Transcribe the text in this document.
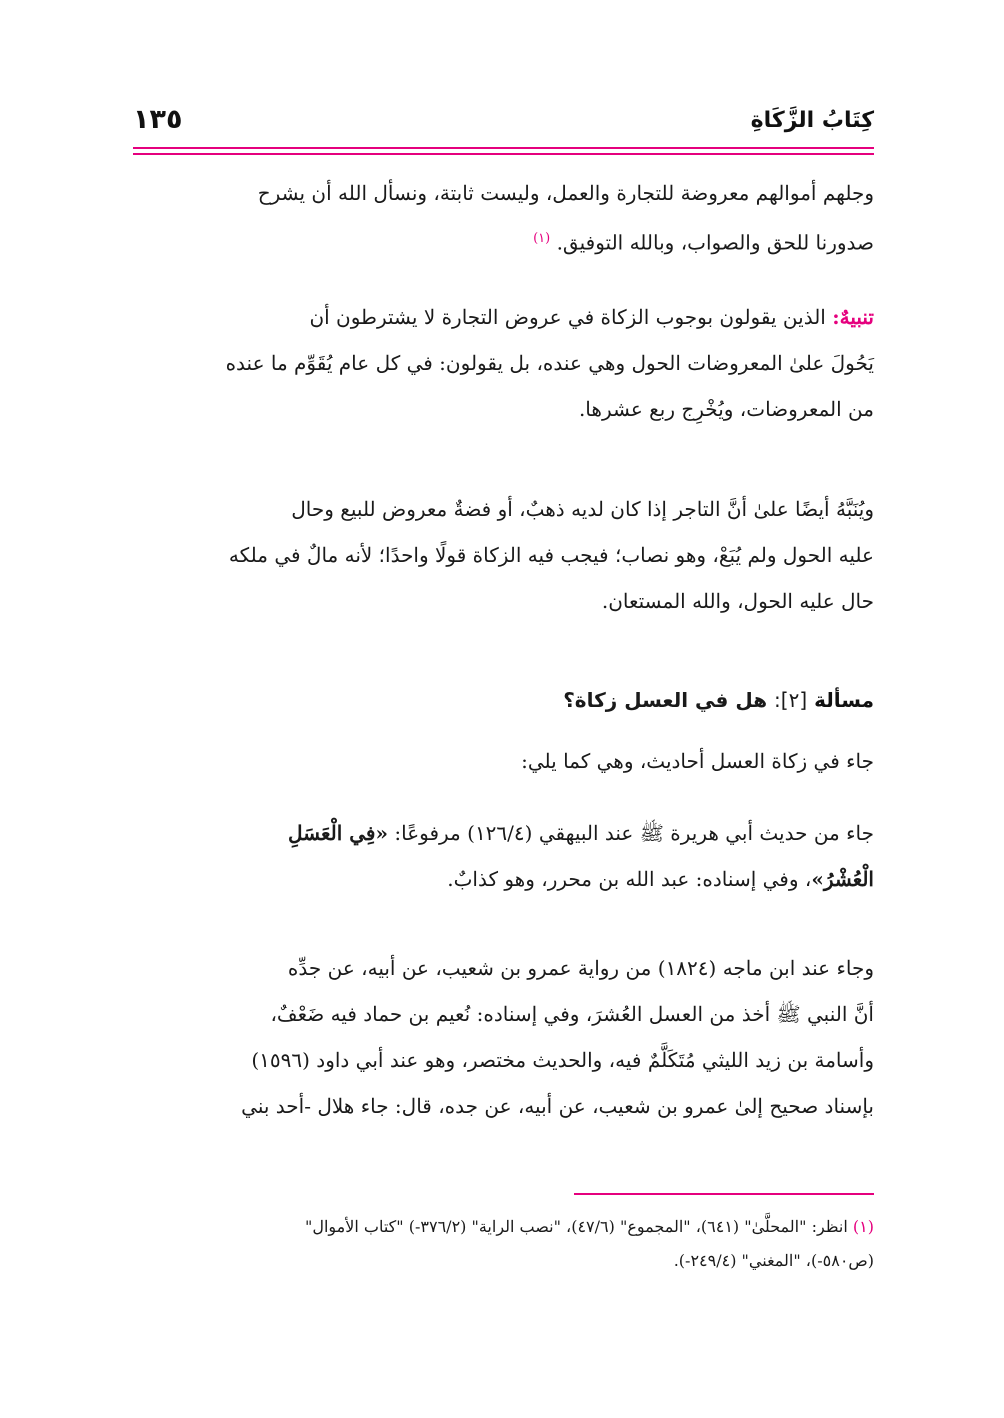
كِتَابُ الزَّكَاةِ
١٣٥
وجلهم أموالهم معروضة للتجارة والعمل، وليست ثابتة، ونسأل الله أن يشرح
صدورنا للحق والصواب، وبالله التوفيق. $^{(١)}$
تنبيهٌ: الذين يقولون بوجوب الزكاة في عروض التجارة لا يشترطون أن
يَحُولَ علىٰ المعروضات الحول وهي عنده، بل يقولون: في كل عام يُقَوِّم ما عنده
من المعروضات، ويُخْرِج ربع عشرها.
ويُنَبَّهُ أيضًا علىٰ أنَّ التاجر إذا كان لديه ذهبٌ، أو فضةٌ معروض للبيع وحال
عليه الحول ولم يُبَعْ، وهو نصاب؛ فيجب فيه الزكاة قولًا واحدًا؛ لأنه مالٌ في ملكه
حال عليه الحول، والله المستعان.
مسألة [٢]: هل في العسل زكاة؟
جاء في زكاة العسل أحاديث، وهي كما يلي:
جاء من حديث أبي هريرة ﷺ عند البيهقي (١٢٦/٤) مرفوعًا: «فِي الْعَسَلِ
الْعُشْرُ»، وفي إسناده: عبد الله بن محرر، وهو كذابٌ.
وجاء عند ابن ماجه (١٨٢٤) من رواية عمرو بن شعيب، عن أبيه، عن جدِّه
أنَّ النبي ﷺ أخذ من العسل العُشرَ، وفي إسناده: نُعيم بن حماد فيه ضَعْفٌ،
وأسامة بن زيد الليثي مُتَكَلَّمٌ فيه، والحديث مختصر، وهو عند أبي داود (١٥٩٦)
بإسناد صحيح إلىٰ عمرو بن شعيب، عن أبيه، عن جده، قال: جاء هلال -أحد بني
(١) انظر: "المحلَّىٰ" (٦٤١)، "المجموع" (٤٧/٦)، "نصب الراية" (٣٧٦/٢-) "كتاب الأموال"
(ص٥٨٠-)، "المغني" (٢٤٩/٤-).
